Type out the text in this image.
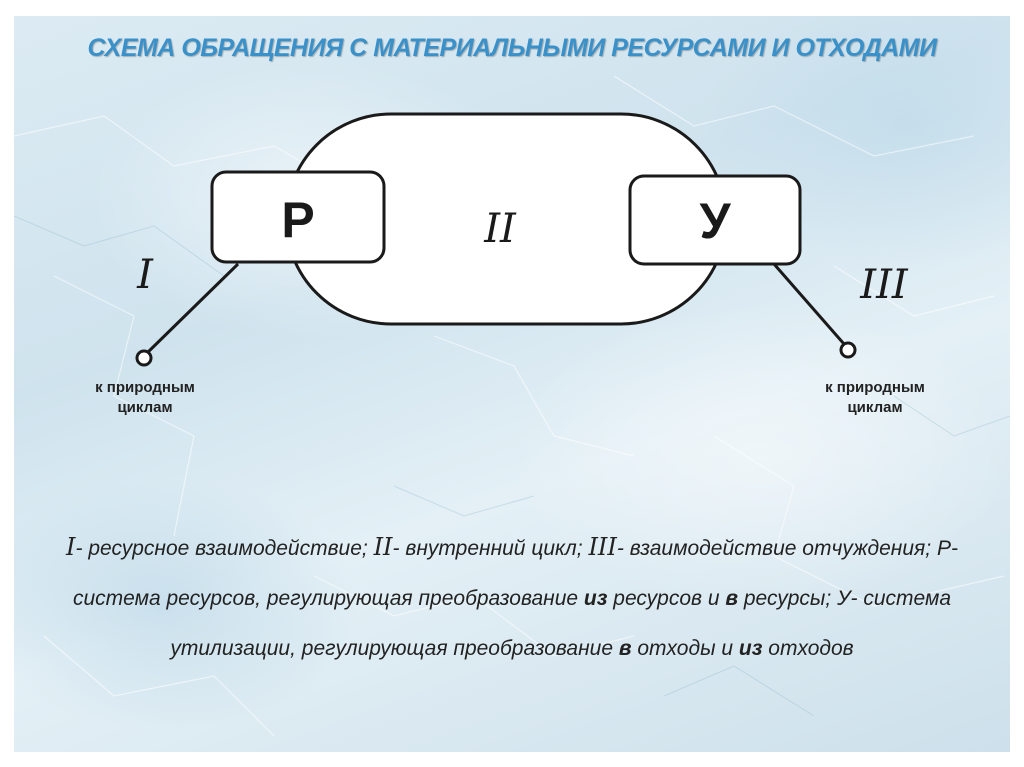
СХЕМА ОБРАЩЕНИЯ С МАТЕРИАЛЬНЫМИ РЕСУРСАМИ И ОТХОДАМИ
Р	У
II
I	III
к природным
циклам
к природным
циклам
I- ресурсное взаимодействие; II- внутренний цикл; III- взаимодействие отчуждения; Р- система ресурсов, регулирующая преобразование из ресурсов и в ресурсы; У- система утилизации, регулирующая преобразование в отходы и из отходов
